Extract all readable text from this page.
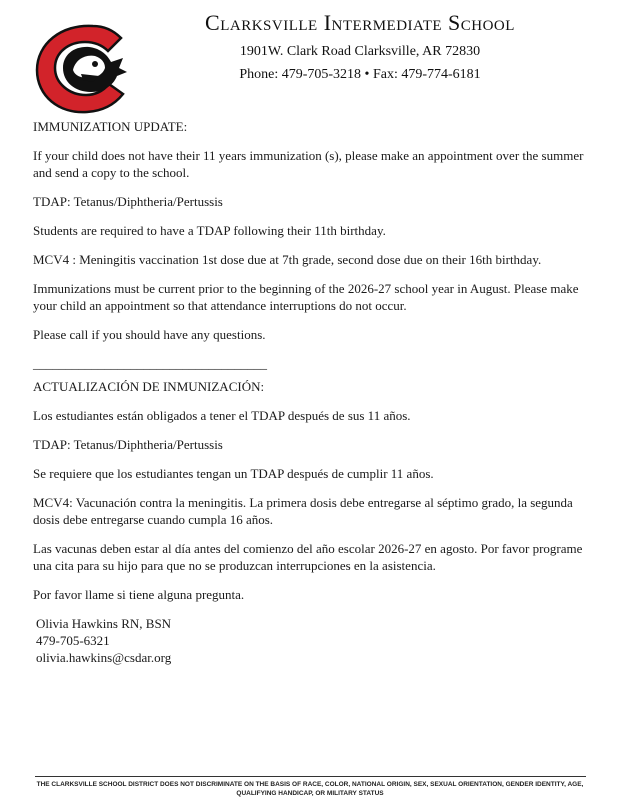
Clarksville Intermediate School
1901W. Clark Road Clarksville, AR 72830
Phone: 479-705-3218 • Fax: 479-774-6181

IMMUNIZATION UPDATE:

If your child does not have their 11 years immunization (s), please make an appointment over the summer and send a copy to the school.

TDAP: Tetanus/Diphtheria/Pertussis

Students are required to have a TDAP following their 11th birthday.

MCV4 : Meningitis vaccination 1st dose due at 7th grade, second dose due on their 16th birthday.

Immunizations must be current prior to the beginning of the 2026-27 school year in August. Please make your child an appointment so that attendance interruptions do not occur.

Please call if you should have any questions.

____________________________________

ACTUALIZACIÓN DE INMUNIZACIÓN:

Los estudiantes están obligados a tener el TDAP después de sus 11 años.

TDAP: Tetanus/Diphtheria/Pertussis

Se requiere que los estudiantes tengan un TDAP después de cumplir 11 años.

MCV4: Vacunación contra la meningitis. La primera dosis debe entregarse al séptimo grado, la segunda dosis debe entregarse cuando cumpla 16 años.

Las vacunas deben estar al día antes del comienzo del año escolar 2026-27 en agosto. Por favor programe una cita para su hijo para que no se produzcan interrupciones en la asistencia.

Por favor llame si tiene alguna pregunta.

Olivia Hawkins RN, BSN
479-705-6321
olivia.hawkins@csdar.org
THE CLARKSVILLE SCHOOL DISTRICT DOES NOT DISCRIMINATE ON THE BASIS OF RACE, COLOR, NATIONAL ORIGIN, SEX, SEXUAL ORIENTATION, GENDER IDENTITY, AGE,
QUALIFYING HANDICAP, OR MILITARY STATUS
